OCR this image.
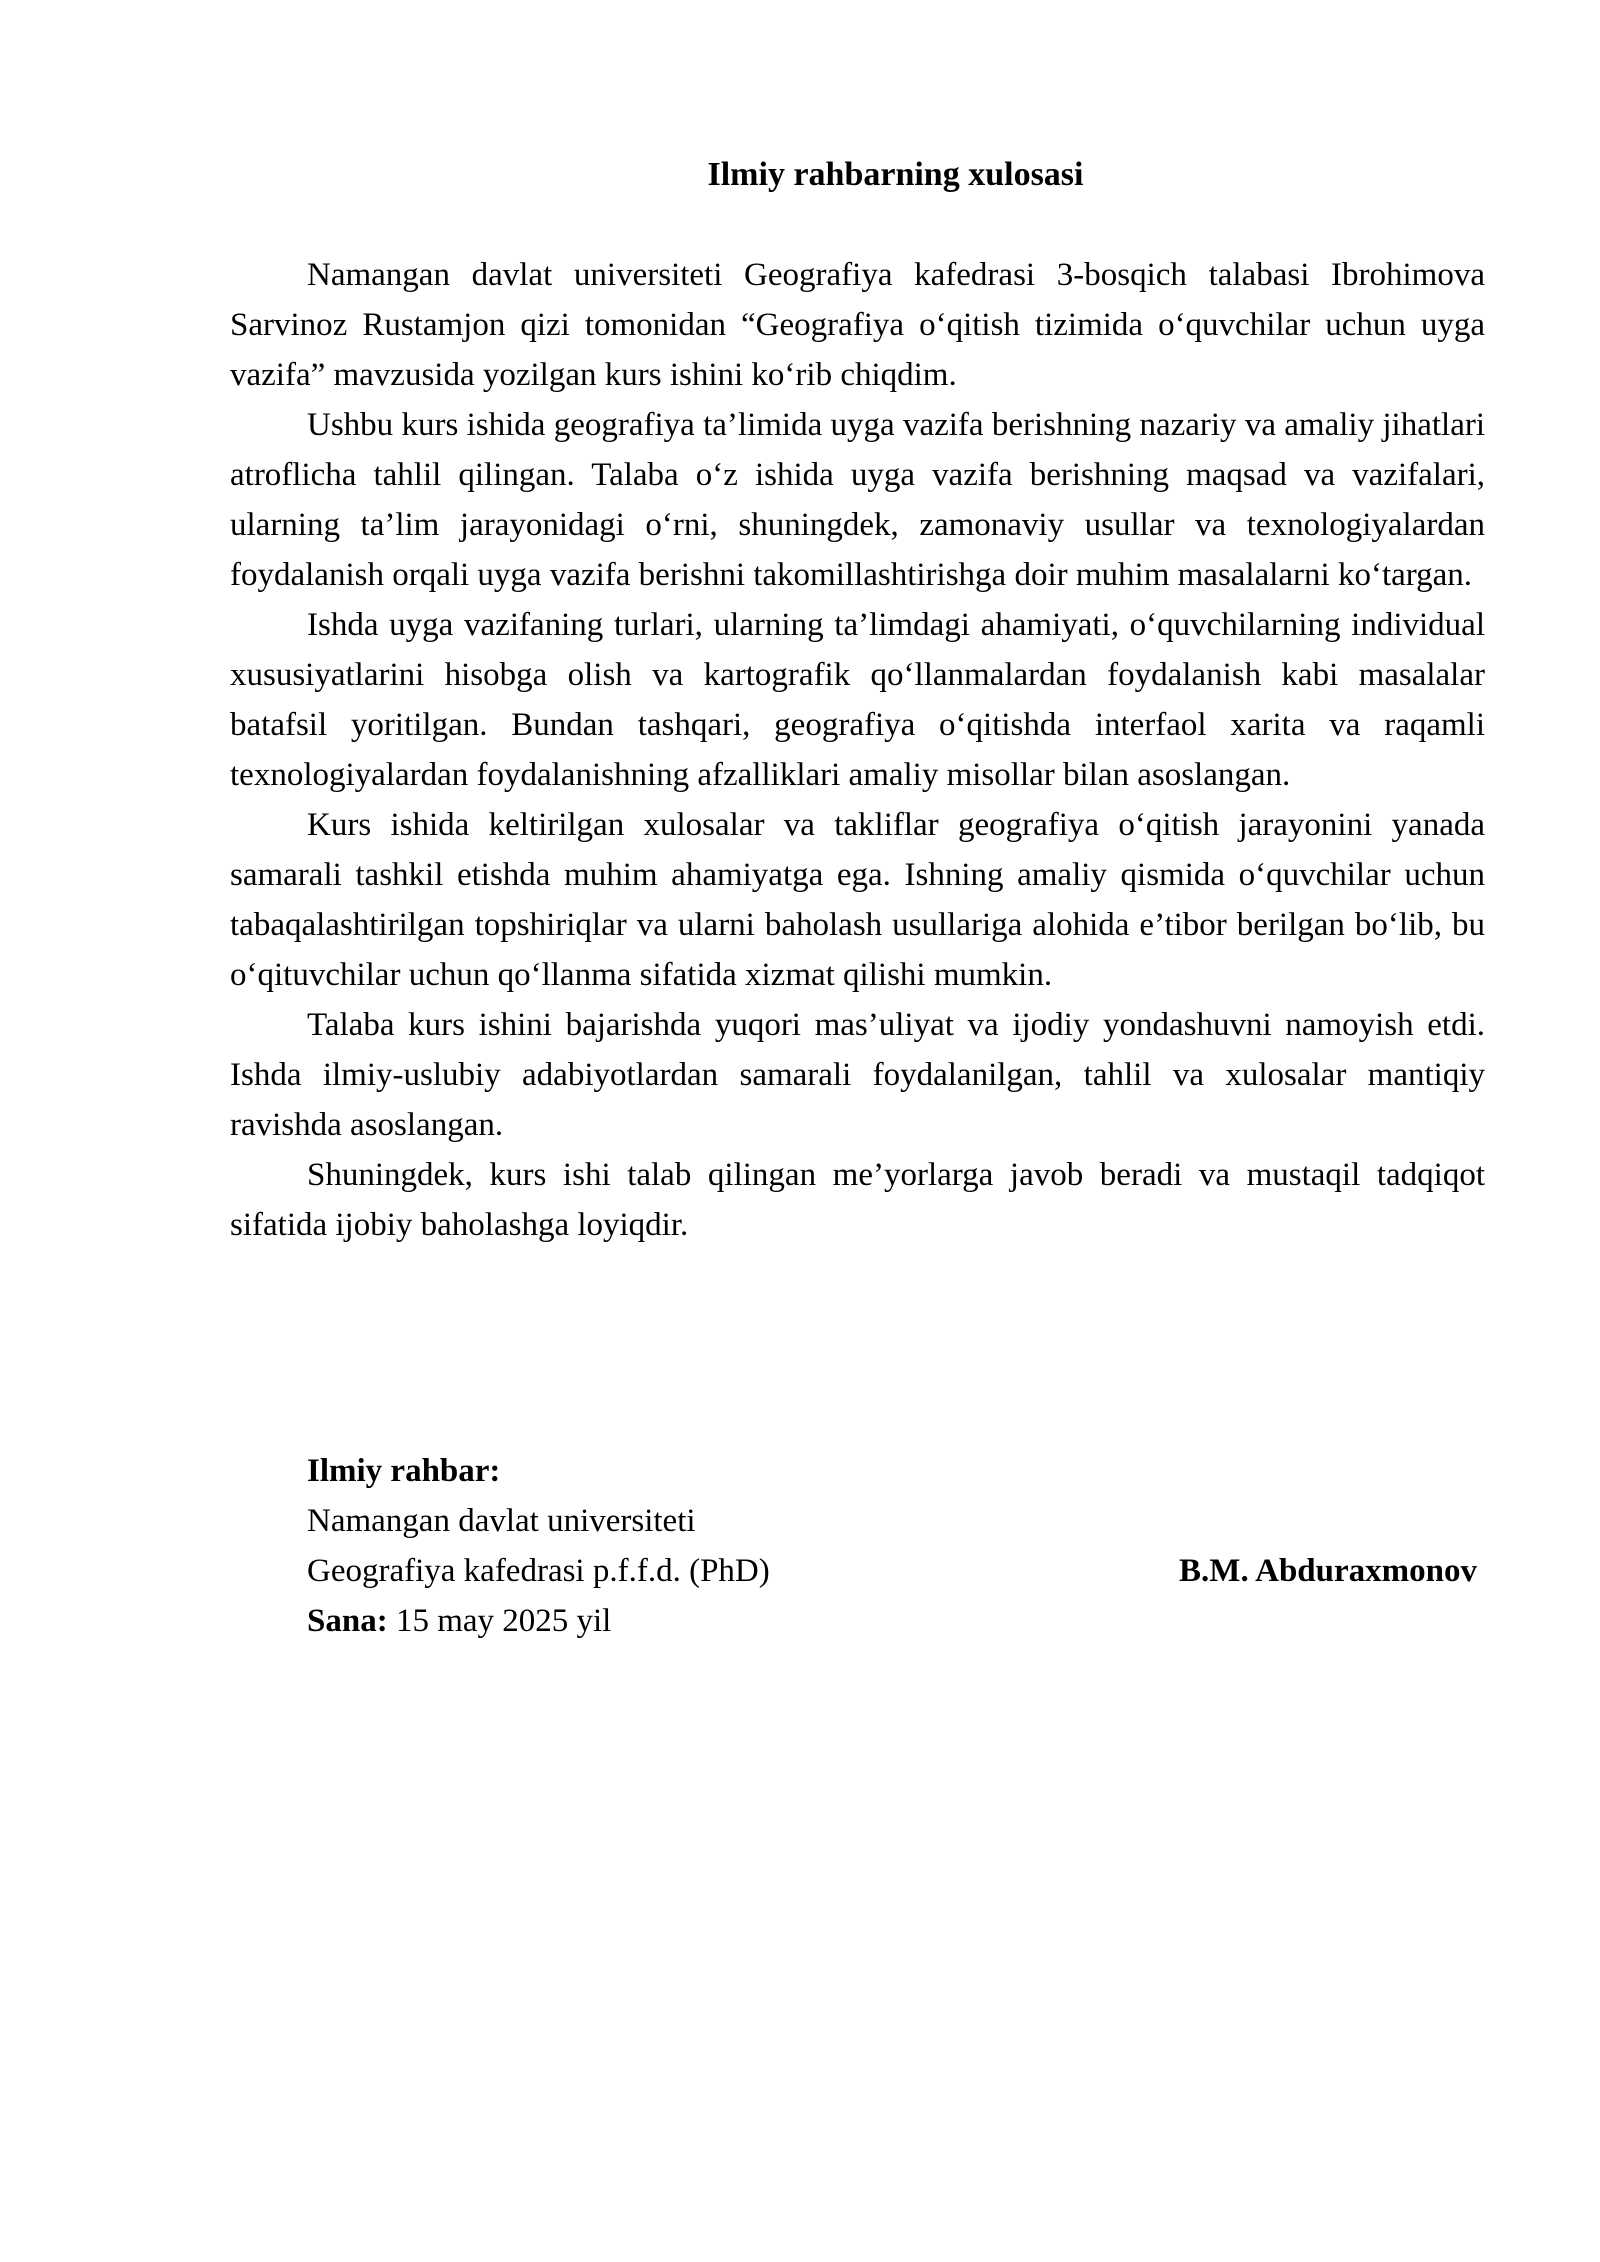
Ilmiy rahbarning xulosasi

Namangan davlat universiteti Geografiya kafedrasi 3-bosqich talabasi Ibrohimova Sarvinoz Rustamjon qizi tomonidan “Geografiya o‘qitish tizimida o‘quvchilar uchun uyga vazifa” mavzusida yozilgan kurs ishini ko‘rib chiqdim.

Ushbu kurs ishida geografiya ta’limida uyga vazifa berishning nazariy va amaliy jihatlari atroflicha tahlil qilingan. Talaba o‘z ishida uyga vazifa berishning maqsad va vazifalari, ularning ta’lim jarayonidagi o‘rni, shuningdek, zamonaviy usullar va texnologiyalardan foydalanish orqali uyga vazifa berishni takomillashtirishga doir muhim masalalarni ko‘targan.

Ishda uyga vazifaning turlari, ularning ta’limdagi ahamiyati, o‘quvchilarning individual xususiyatlarini hisobga olish va kartografik qo‘llanmalardan foydalanish kabi masalalar batafsil yoritilgan. Bundan tashqari, geografiya o‘qitishda interfaol xarita va raqamli texnologiyalardan foydalanishning afzalliklari amaliy misollar bilan asoslangan.

Kurs ishida keltirilgan xulosalar va takliflar geografiya o‘qitish jarayonini yanada samarali tashkil etishda muhim ahamiyatga ega. Ishning amaliy qismida o‘quvchilar uchun tabaqalashtirilgan topshiriqlar va ularni baholash usullariga alohida e’tibor berilgan bo‘lib, bu o‘qituvchilar uchun qo‘llanma sifatida xizmat qilishi mumkin.

Talaba kurs ishini bajarishda yuqori mas’uliyat va ijodiy yondashuvni namoyish etdi. Ishda ilmiy-uslubiy adabiyotlardan samarali foydalanilgan, tahlil va xulosalar mantiqiy ravishda asoslangan.

Shuningdek, kurs ishi talab qilingan me’yorlarga javob beradi va mustaqil tadqiqot sifatida ijobiy baholashga loyiqdir.

Ilmiy rahbar:
Namangan davlat universiteti
Geografiya kafedrasi p.f.f.d. (PhD)	B.M. Abduraxmonov
Sana: 15 may 2025 yil
